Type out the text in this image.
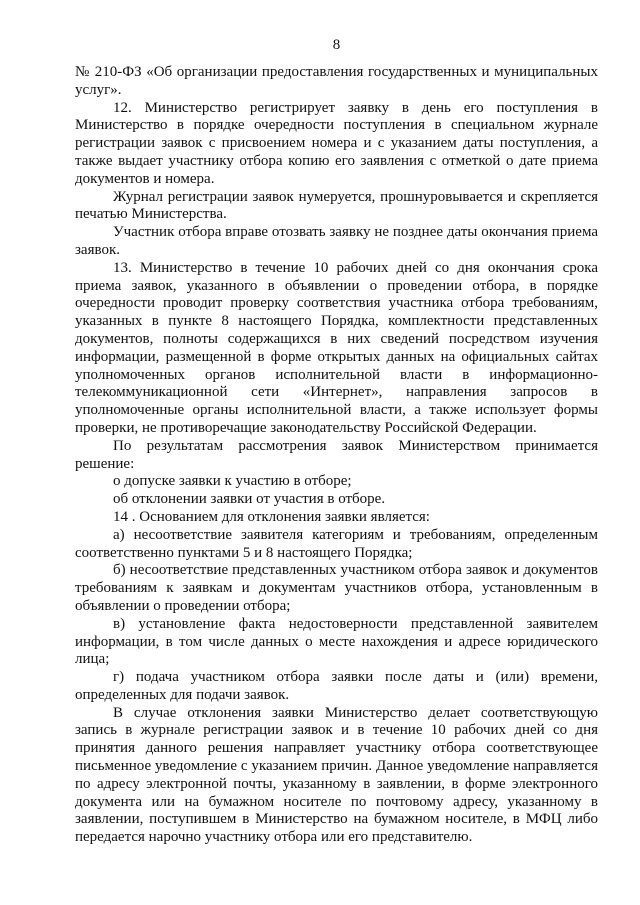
8

№ 210-ФЗ «Об организации предоставления государственных и муниципальных услуг».

12. Министерство регистрирует заявку в день его поступления в Министерство в порядке очередности поступления в специальном журнале регистрации заявок с присвоением номера и с указанием даты поступления, а также выдает участнику отбора копию его заявления с отметкой о дате приема документов и номера.

Журнал регистрации заявок нумеруется, прошнуровывается и скрепляется печатью Министерства.

Участник отбора вправе отозвать заявку не позднее даты окончания приема заявок.

13. Министерство в течение 10 рабочих дней со дня окончания срока приема заявок, указанного в объявлении о проведении отбора, в порядке очередности проводит проверку соответствия участника отбора требованиям, указанных в пункте 8 настоящего Порядка, комплектности представленных документов, полноты содержащихся в них сведений посредством изучения информации, размещенной в форме открытых данных на официальных сайтах уполномоченных органов исполнительной власти в информационно-телекоммуникационной сети «Интернет», направления запросов в уполномоченные органы исполнительной власти, а также использует формы проверки, не противоречащие законодательству Российской Федерации.

По результатам рассмотрения заявок Министерством принимается решение:

о допуске заявки к участию в отборе;

об отклонении заявки от участия в отборе.

14 . Основанием для отклонения заявки является:

а) несоответствие заявителя категориям и требованиям, определенным соответственно пунктами 5 и 8 настоящего Порядка;

б) несоответствие представленных участником отбора заявок и документов требованиям к заявкам и документам участников отбора, установленным в объявлении о проведении отбора;

в) установление факта недостоверности представленной заявителем информации, в том числе данных о месте нахождения и адресе юридического лица;

г) подача участником отбора заявки после даты и (или) времени, определенных для подачи заявок.

В случае отклонения заявки Министерство делает соответствующую запись в журнале регистрации заявок и в течение 10 рабочих дней со дня принятия данного решения направляет участнику отбора соответствующее письменное уведомление с указанием причин. Данное уведомление направляется по адресу электронной почты, указанному в заявлении, в форме электронного документа или на бумажном носителе по почтовому адресу, указанному в заявлении, поступившем в Министерство на бумажном носителе, в МФЦ либо передается нарочно участнику отбора или его представителю.
